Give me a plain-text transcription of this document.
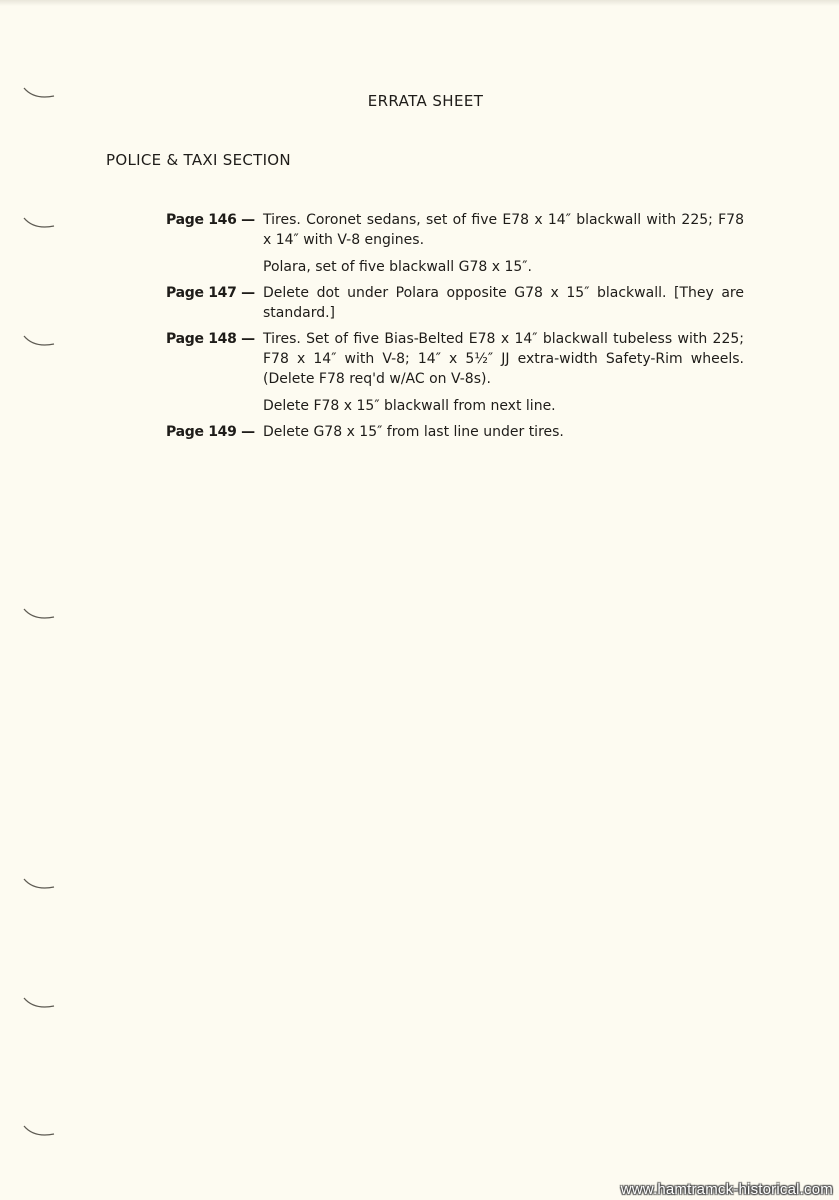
ERRATA SHEET
POLICE & TAXI SECTION
Page 146 — Tires. Coronet sedans, set of five E78 x 14″ blackwall with 225; F78 x 14″ with V-8 engines.

Polara, set of five blackwall G78 x 15″.

Page 147 — Delete dot under Polara opposite G78 x 15″ blackwall. [They are standard.]

Page 148 — Tires. Set of five Bias-Belted E78 x 14″ blackwall tubeless with 225; F78 x 14″ with V-8; 14″ x 5½″ JJ extra-width Safety-Rim wheels. (Delete F78 req'd w/AC on V-8s).

Delete F78 x 15″ blackwall from next line.

Page 149 — Delete G78 x 15″ from last line under tires.

www.hamtramck-historical.com
